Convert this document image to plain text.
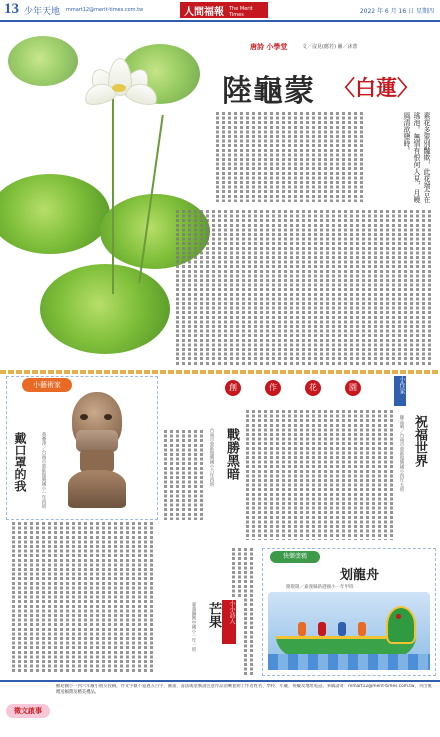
13 少年天地 mmart12@merit-times.com.tw	人間福報 The Merit Times	2022 年 6 月 16 日 星期四
唐詩 小學堂	文／沒見(應若) 圖／沐蕾
陸龜蒙 〈白蓮〉
素花多蒙別豔欺，此花端合在瑤池。無情有恨何人見，月曉風清欲墮時。
小藝術家
戴口罩的我	黃薈淨／台南市東區復興國小一年四班
創	作	花	園	小作家
祝福世界
陳品晴／台南市東區復興國小四年五班
戰勝黑暗
台南市東區復興國小六年四班
小小詩人
芒果
嘉義縣興中國小一年一班
快樂塗鴉
划龍舟
簡敬閎／嘉義縣新港國小一年甲班
徵文啟事
歡迎國小一到六年級小朋友投稿，作文字數不超過五百字，圖畫、書法或塗鴉請注意作品清晰並附上作者姓名、學校、年級、班級及地址電話。來稿請寄：mmart12@merit-times.com.tw，刊出後贈送稿費及精美禮品。
